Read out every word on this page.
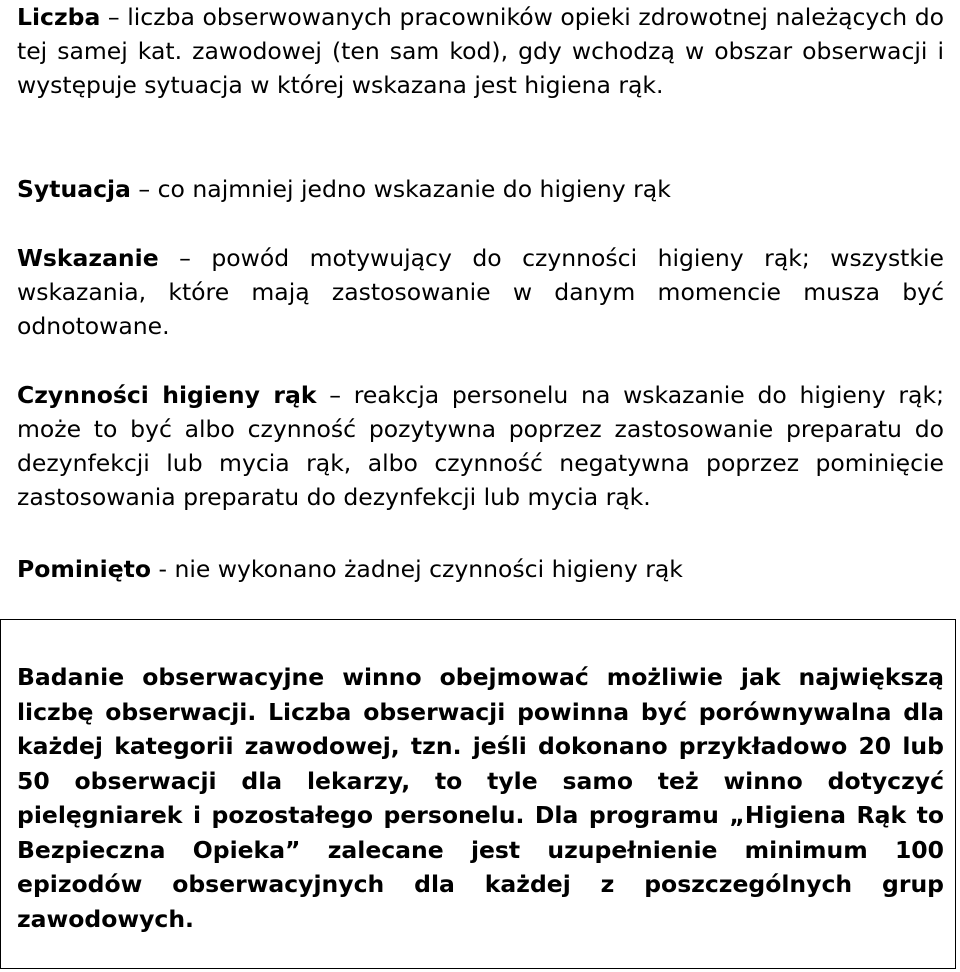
Liczba – liczba obserwowanych pracowników opieki zdrowotnej należących do tej samej kat. zawodowej (ten sam kod), gdy wchodzą w obszar obserwacji i występuje sytuacja w której wskazana jest higiena rąk.

Sytuacja – co najmniej jedno wskazanie do higieny rąk

Wskazanie – powód motywujący do czynności higieny rąk; wszystkie wskazania, które mają zastosowanie w danym momencie musza być odnotowane.

Czynności higieny rąk – reakcja personelu na wskazanie do higieny rąk; może to być albo czynność pozytywna poprzez zastosowanie preparatu do dezynfekcji lub mycia rąk, albo czynność negatywna poprzez pominięcie zastosowania preparatu do dezynfekcji lub mycia rąk.

Pominięto - nie wykonano żadnej czynności higieny rąk

Badanie obserwacyjne winno obejmować możliwie jak największą liczbę obserwacji. Liczba obserwacji powinna być porównywalna dla każdej kategorii zawodowej, tzn. jeśli dokonano przykładowo 20 lub 50 obserwacji dla lekarzy, to tyle samo też winno dotyczyć pielęgniarek i pozostałego personelu. Dla programu „Higiena Rąk to Bezpieczna Opieka” zalecane jest uzupełnienie minimum 100 epizodów obserwacyjnych dla każdej z poszczególnych grup zawodowych.
